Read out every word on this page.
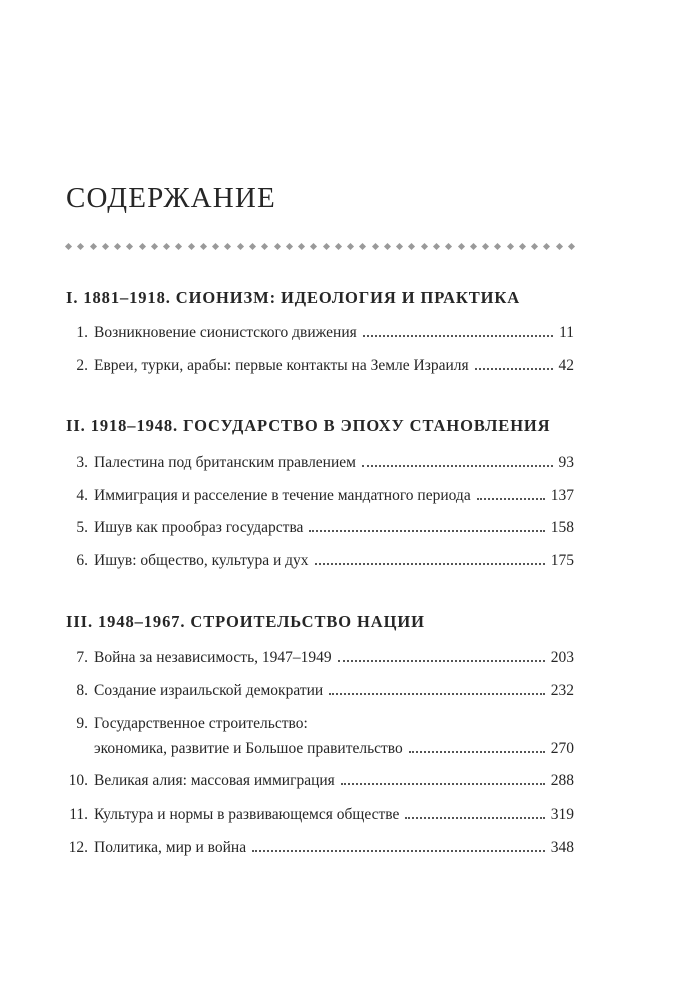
СОДЕРЖАНИЕ
I. 1881–1918. СИОНИЗМ: ИДЕОЛОГИЯ И ПРАКТИКА
1. Возникновение сионистского движения	11
2. Евреи, турки, арабы: первые контакты на Земле Израиля	42
II. 1918–1948. ГОСУДАРСТВО В ЭПОХУ СТАНОВЛЕНИЯ
3. Палестина под британским правлением	93
4. Иммиграция и расселение в течение мандатного периода	137
5. Ишув как прообраз государства	158
6. Ишув: общество, культура и дух	175
III. 1948–1967. СТРОИТЕЛЬСТВО НАЦИИ
7. Война за независимость, 1947–1949	203
8. Создание израильской демократии	232
9. Государственное строительство:
экономика, развитие и Большое правительство	270
10. Великая алия: массовая иммиграция	288
11. Культура и нормы в развивающемся обществе	319
12. Политика, мир и война	348
